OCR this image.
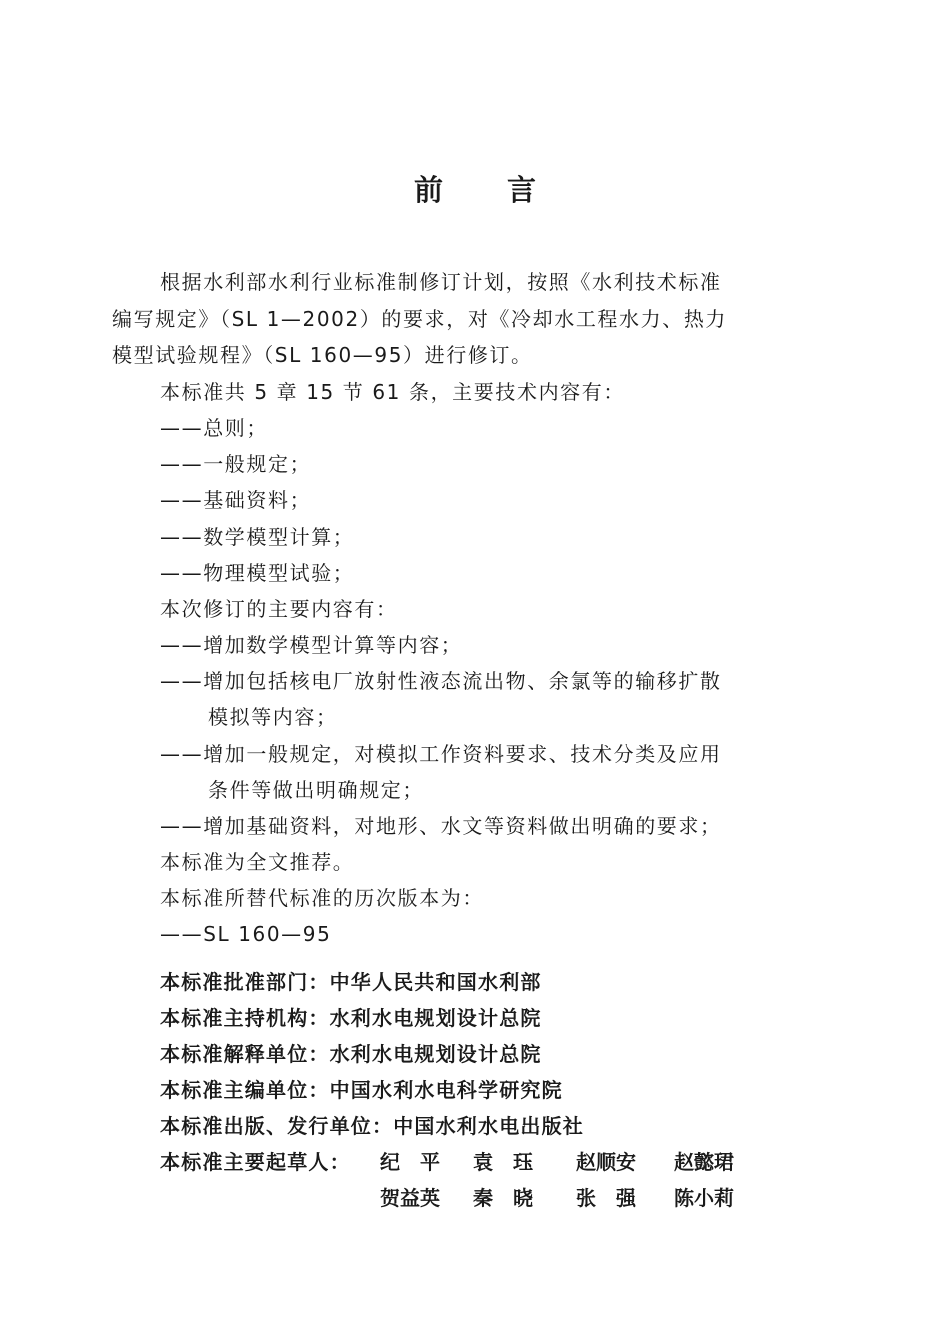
前 言
根据水利部水利行业标准制修订计划，按照《水利技术标准
编写规定》（SL 1—2002）的要求，对《冷却水工程水力、热力
模型试验规程》（SL 160—95）进行修订。
本标准共 5 章 15 节 61 条，主要技术内容有：
——总则；
——一般规定；
——基础资料；
——数学模型计算；
——物理模型试验；
本次修订的主要内容有：
——增加数学模型计算等内容；
——增加包括核电厂放射性液态流出物、余氯等的输移扩散
模拟等内容；
——增加一般规定，对模拟工作资料要求、技术分类及应用
条件等做出明确规定；
——增加基础资料，对地形、水文等资料做出明确的要求；
本标准为全文推荐。
本标准所替代标准的历次版本为：
——SL 160—95
本标准批准部门：中华人民共和国水利部
本标准主持机构：水利水电规划设计总院
本标准解释单位：水利水电规划设计总院
本标准主编单位：中国水利水电科学研究院
本标准出版、发行单位：中国水利水电出版社
本标准主要起草人： 纪　平 袁　珏 赵顺安 赵懿珺
贺益英 秦　晓 张　强 陈小莉
